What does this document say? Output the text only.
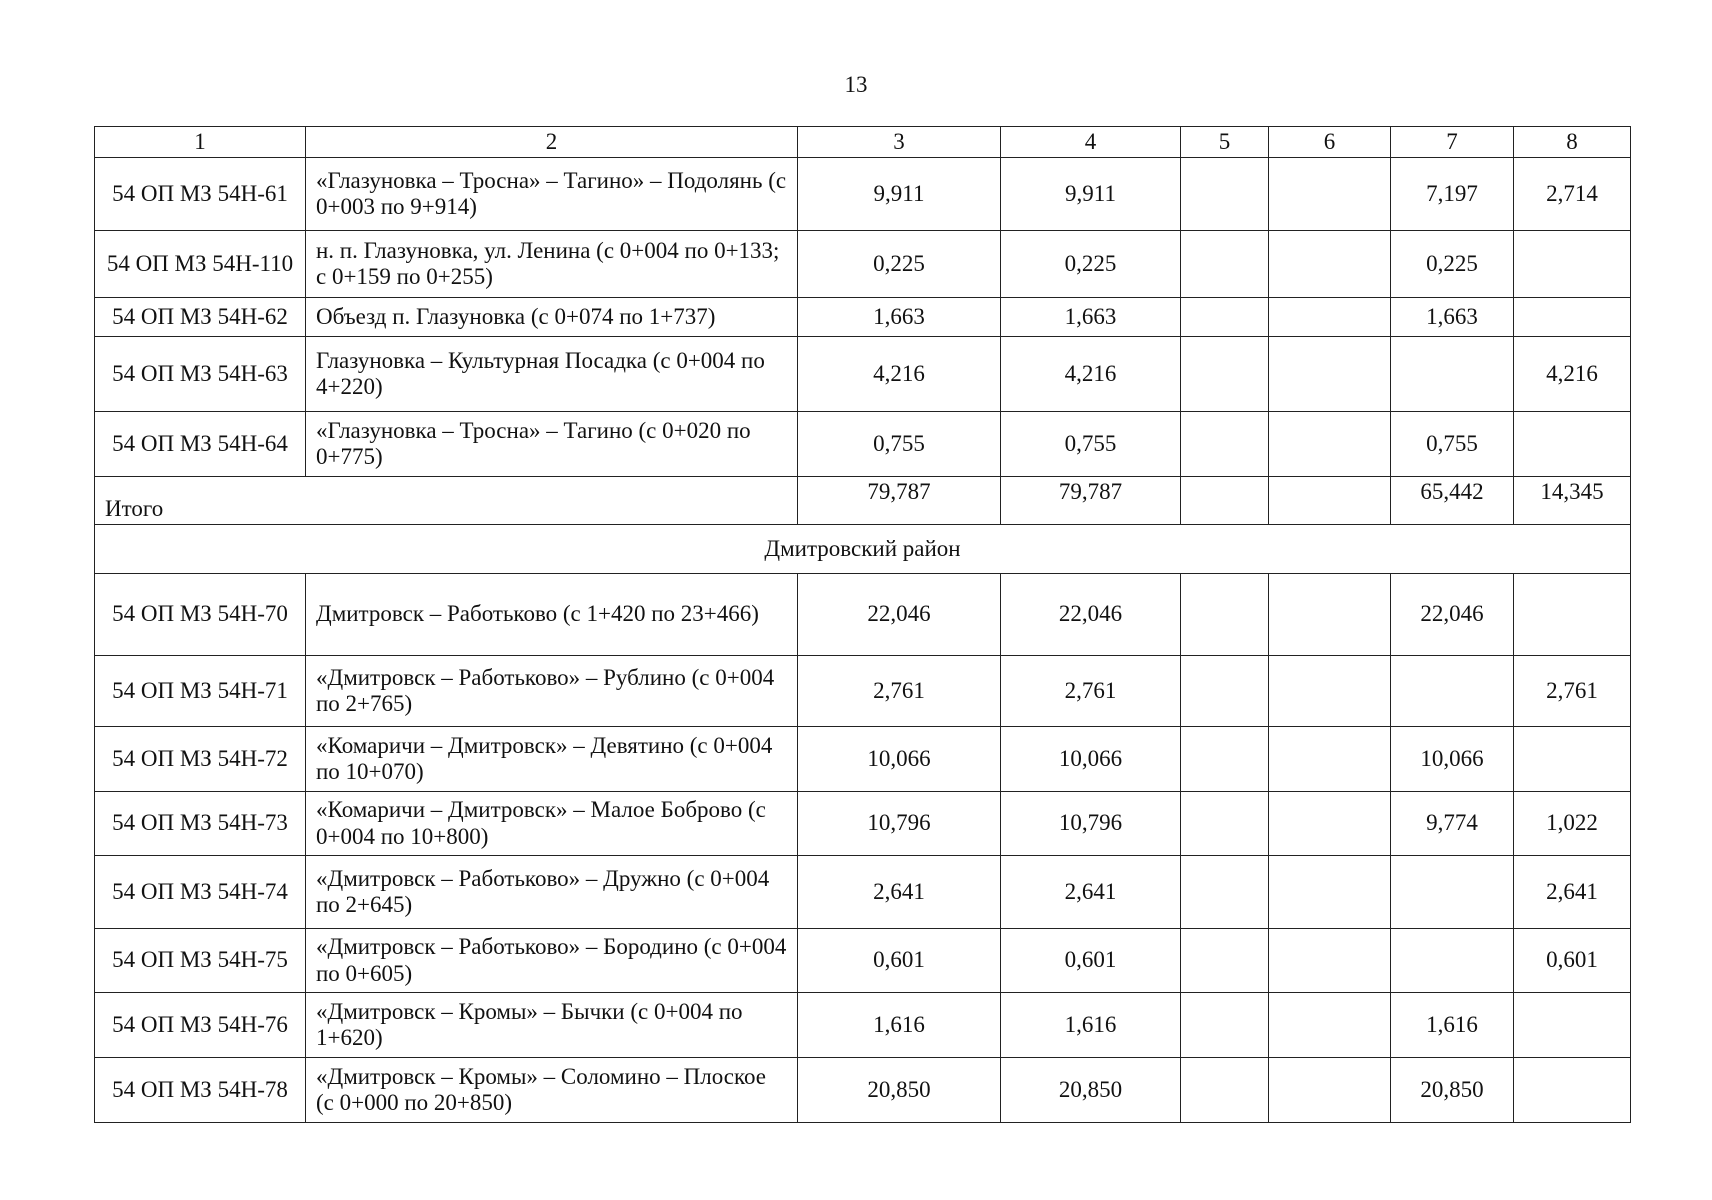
13
1	2	3	4	5	6	7	8
54 ОП МЗ 54Н-61	«Глазуновка – Тросна» – Тагино» – Подолянь (с 0+003 по 9+914)	9,911	9,911			7,197	2,714
54 ОП МЗ 54Н-110	н. п. Глазуновка, ул. Ленина (с 0+004 по 0+133; с 0+159 по 0+255)	0,225	0,225			0,225	
54 ОП МЗ 54Н-62	Объезд п. Глазуновка (с 0+074 по 1+737)	1,663	1,663			1,663	
54 ОП МЗ 54Н-63	Глазуновка – Культурная Посадка (с 0+004 по 4+220)	4,216	4,216				4,216
54 ОП МЗ 54Н-64	«Глазуновка – Тросна» – Тагино (с 0+020 по 0+775)	0,755	0,755			0,755	
Итого		79,787	79,787			65,442	14,345
Дмитровский район							
54 ОП МЗ 54Н-70	Дмитровск – Работьково (с 1+420 по 23+466)	22,046	22,046			22,046	
54 ОП МЗ 54Н-71	«Дмитровск – Работьково» – Рублино (с 0+004 по 2+765)	2,761	2,761				2,761
54 ОП МЗ 54Н-72	«Комаричи – Дмитровск» – Девятино (с 0+004 по 10+070)	10,066	10,066			10,066	
54 ОП МЗ 54Н-73	«Комаричи – Дмитровск» – Малое Боброво (с 0+004 по 10+800)	10,796	10,796			9,774	1,022
54 ОП МЗ 54Н-74	«Дмитровск – Работьково» – Дружно (с 0+004 по 2+645)	2,641	2,641				2,641
54 ОП МЗ 54Н-75	«Дмитровск – Работьково» – Бородино (с 0+004 по 0+605)	0,601	0,601				0,601
54 ОП МЗ 54Н-76	«Дмитровск – Кромы» – Бычки (с 0+004 по 1+620)	1,616	1,616			1,616	
54 ОП МЗ 54Н-78	«Дмитровск – Кромы» – Соломино – Плоское (с 0+000 по 20+850)	20,850	20,850			20,850	
